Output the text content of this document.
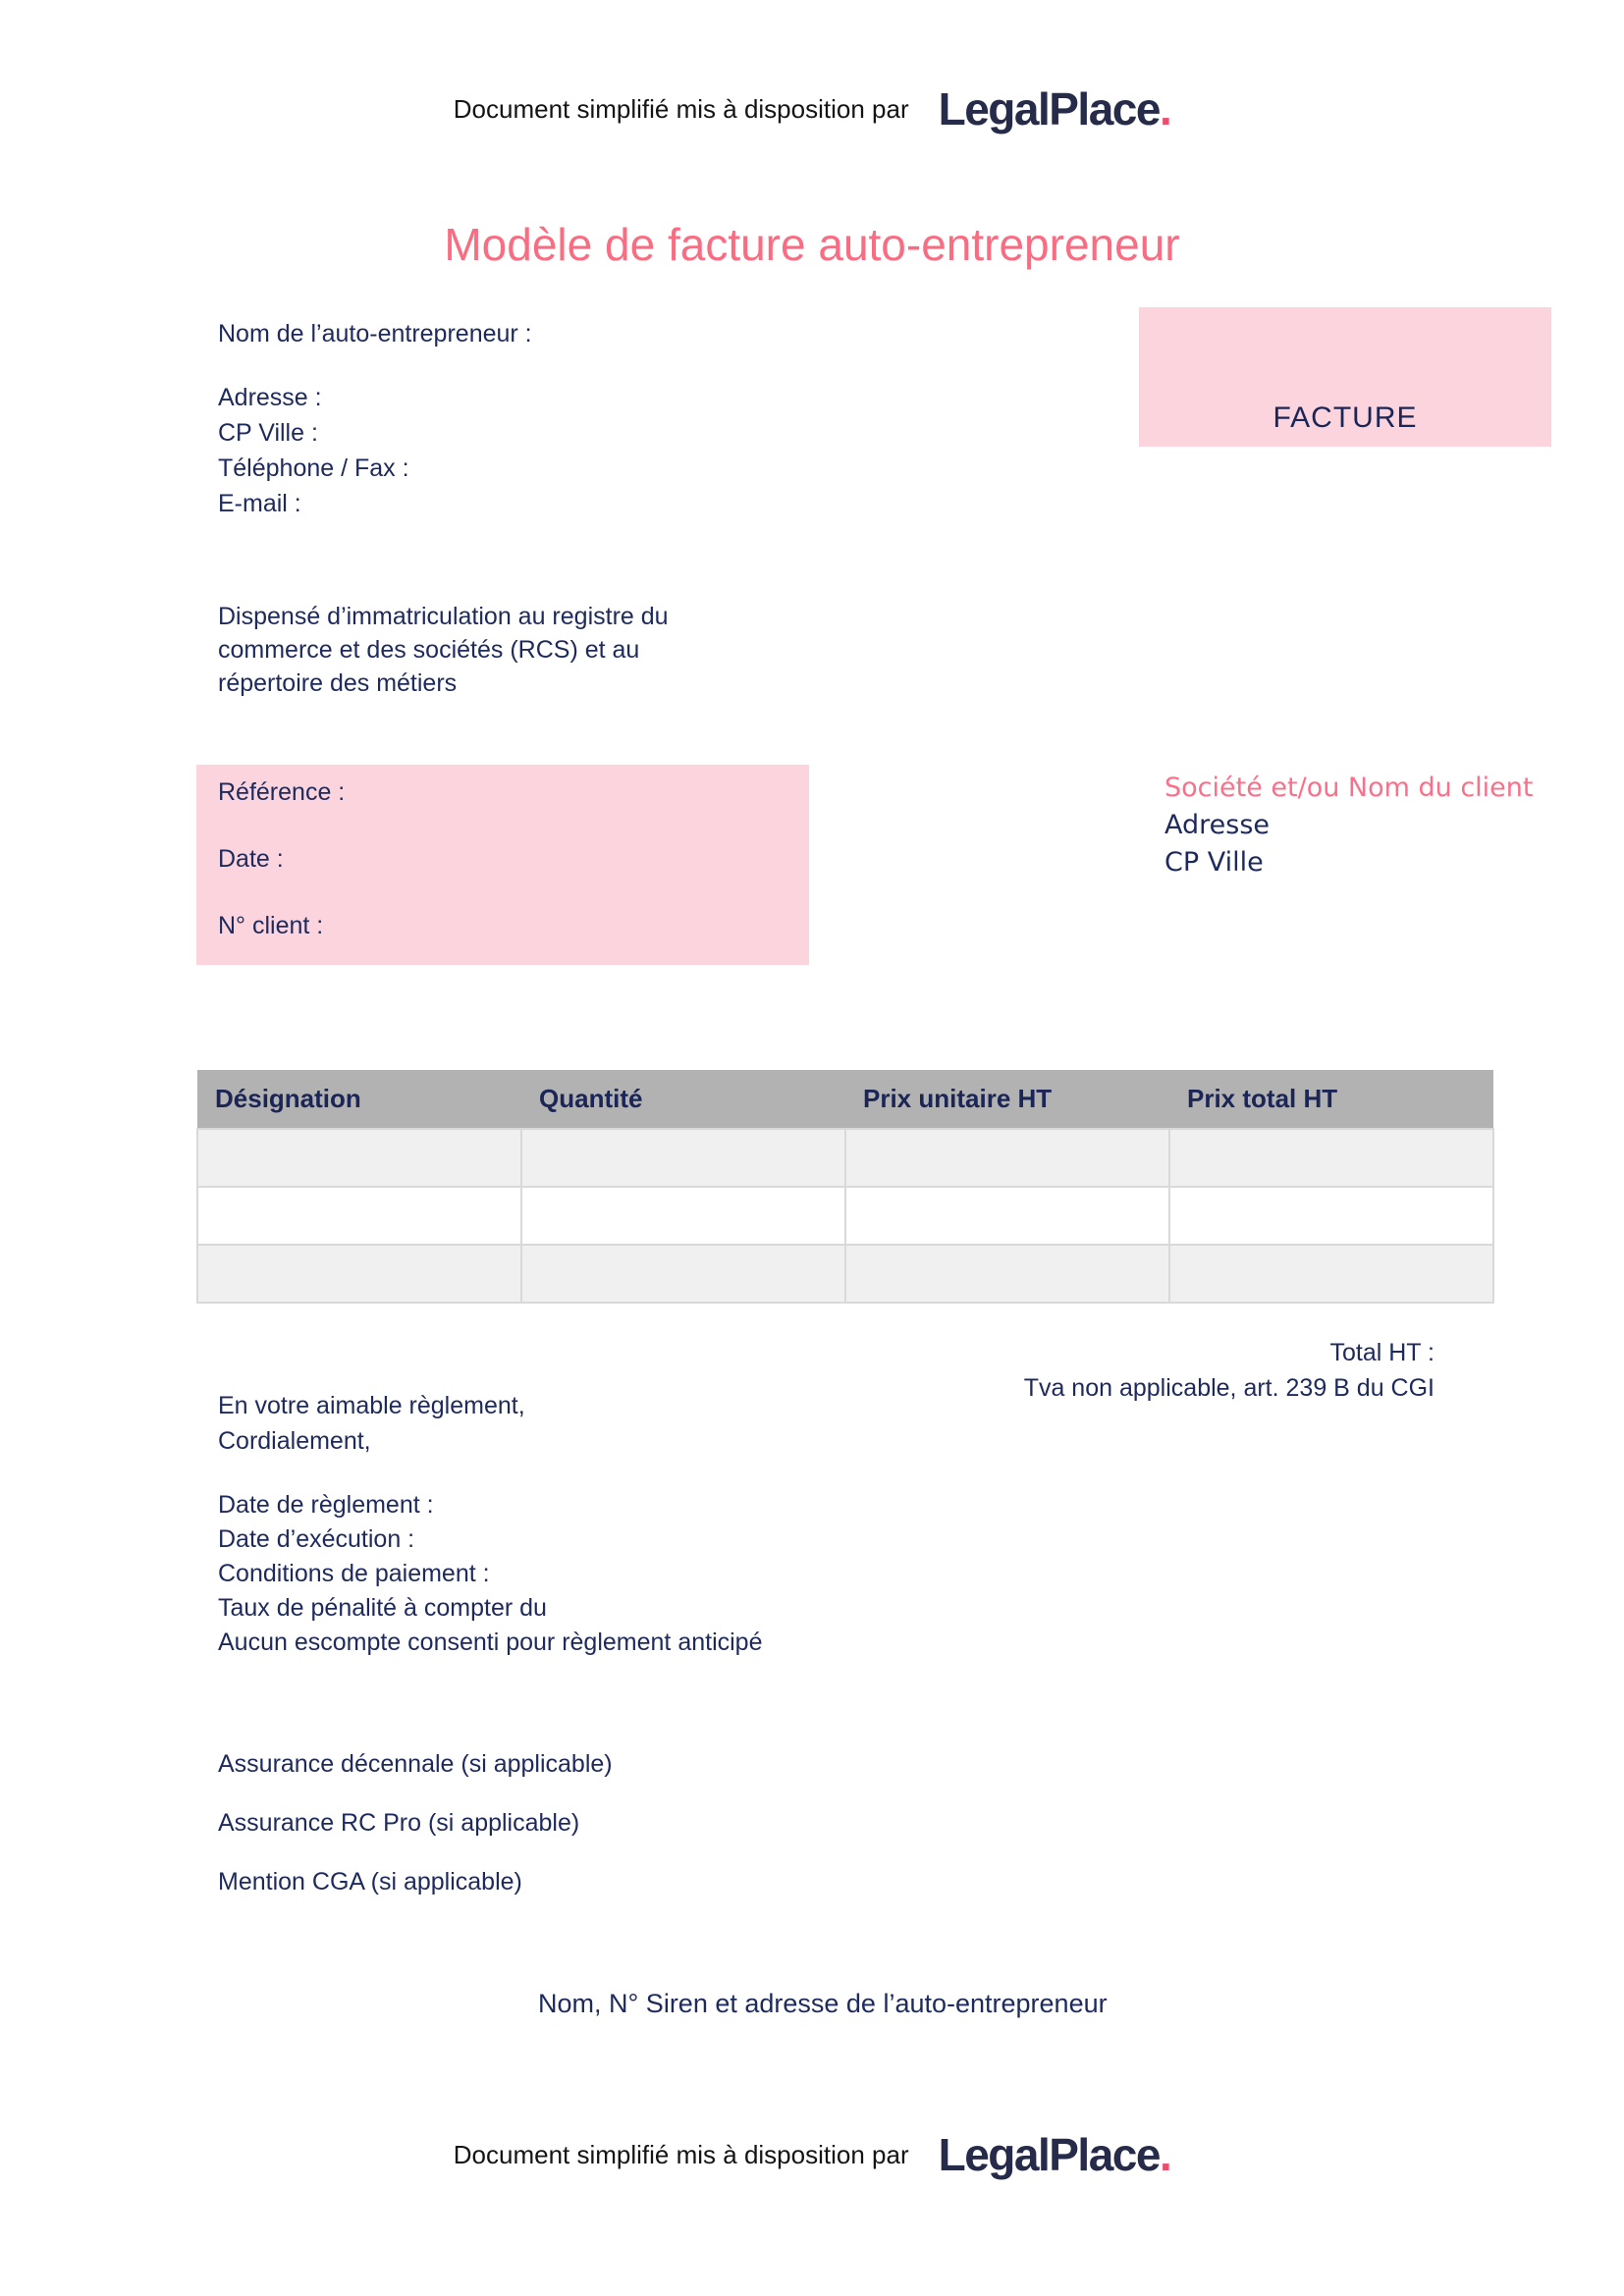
Document simplifié mis à disposition par LegalPlace.
Modèle de facture auto-entrepreneur
Nom de l’auto-entrepreneur :
Adresse :
CP Ville :
Téléphone / Fax :
E-mail :
FACTURE
Dispensé d’immatriculation au registre du
commerce et des sociétés (RCS) et au
répertoire des métiers
Référence :
Date :
N° client :
Société et/ou Nom du client
Adresse
CP Ville
Désignation	Quantité	Prix unitaire HT	Prix total HT

Total HT :
Tva non applicable, art. 239 B du CGI
En votre aimable règlement,
Cordialement,
Date de règlement :
Date d’exécution :
Conditions de paiement :
Taux de pénalité à compter du
Aucun escompte consenti pour règlement anticipé
Assurance décennale (si applicable)
Assurance RC Pro (si applicable)
Mention CGA (si applicable)
Nom, N° Siren et adresse de l’auto-entrepreneur
Document simplifié mis à disposition par LegalPlace.
